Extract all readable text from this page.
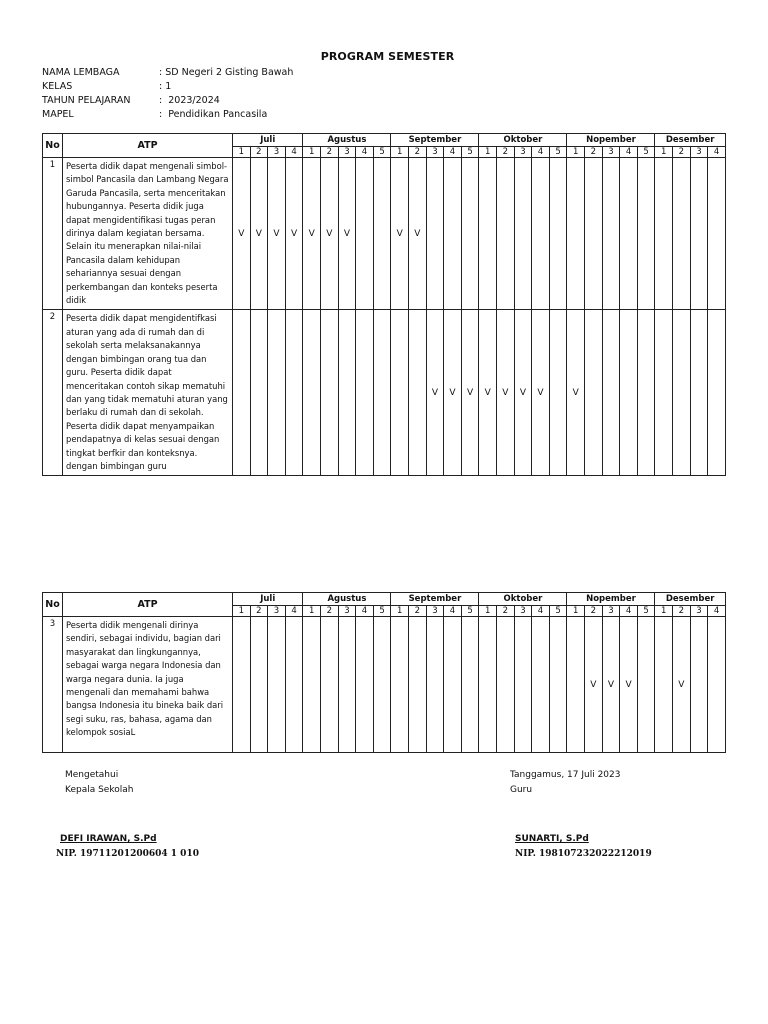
PROGRAM SEMESTER
NAMA LEMBAGA	: SD Negeri 2 Gisting Bawah
KELAS	: 1
TAHUN PELAJARAN	:  2023/2024
MAPEL	:  Pendidikan Pancasila
No	ATP	Juli				Agustus					September					Oktober					Nopember					Desember			
		1	2	3	4	1	2	3	4	5	1	2	3	4	5	1	2	3	4	5	1	2	3	4	5	1	2	3	4
1	Peserta didik dapat mengenali simbol-simbol Pancasila dan Lambang Negara Garuda Pancasila, serta menceritakan hubungannya. Peserta didik juga dapat mengidentifikasi tugas peran dirinya dalam kegiatan bersama. Selain itu menerapkan nilai-nilai Pancasila dalam kehidupan sehariannya sesuai dengan perkembangan dan konteks peserta didik	V	V	V	V	V	V	V			V	V																	
2	Peserta didik dapat mengidentifkasi aturan yang ada di rumah dan di sekolah serta melaksanakannya dengan bimbingan orang tua dan guru. Peserta didik dapat menceritakan contoh sikap mematuhi dan yang tidak mematuhi aturan yang berlaku di rumah dan di sekolah. Peserta didik dapat menyampaikan pendapatnya di kelas sesuai dengan tingkat berfkir dan konteksnya. dengan bimbingan guru												V	V	V	V	V	V	V		V								
No	ATP	Juli				Agustus					September					Oktober					Nopember					Desember			
		1	2	3	4	1	2	3	4	5	1	2	3	4	5	1	2	3	4	5	1	2	3	4	5	1	2	3	4
3	Peserta didik mengenali dirinya sendiri, sebagai individu, bagian dari masyarakat dan lingkungannya, sebagai warga negara Indonesia dan warga negara dunia. Ia juga mengenali dan memahami bahwa bangsa Indonesia itu bineka baik dari segi suku, ras, bahasa, agama dan kelompok sosiaL																					V	V	V			V		
Mengetahui
Kepala Sekolah
DEFI IRAWAN, S.Pd
NIP. 19711201200604 1 010
Tanggamus, 17 Juli 2023
Guru
SUNARTI, S.Pd
NIP. 198107232022212019
